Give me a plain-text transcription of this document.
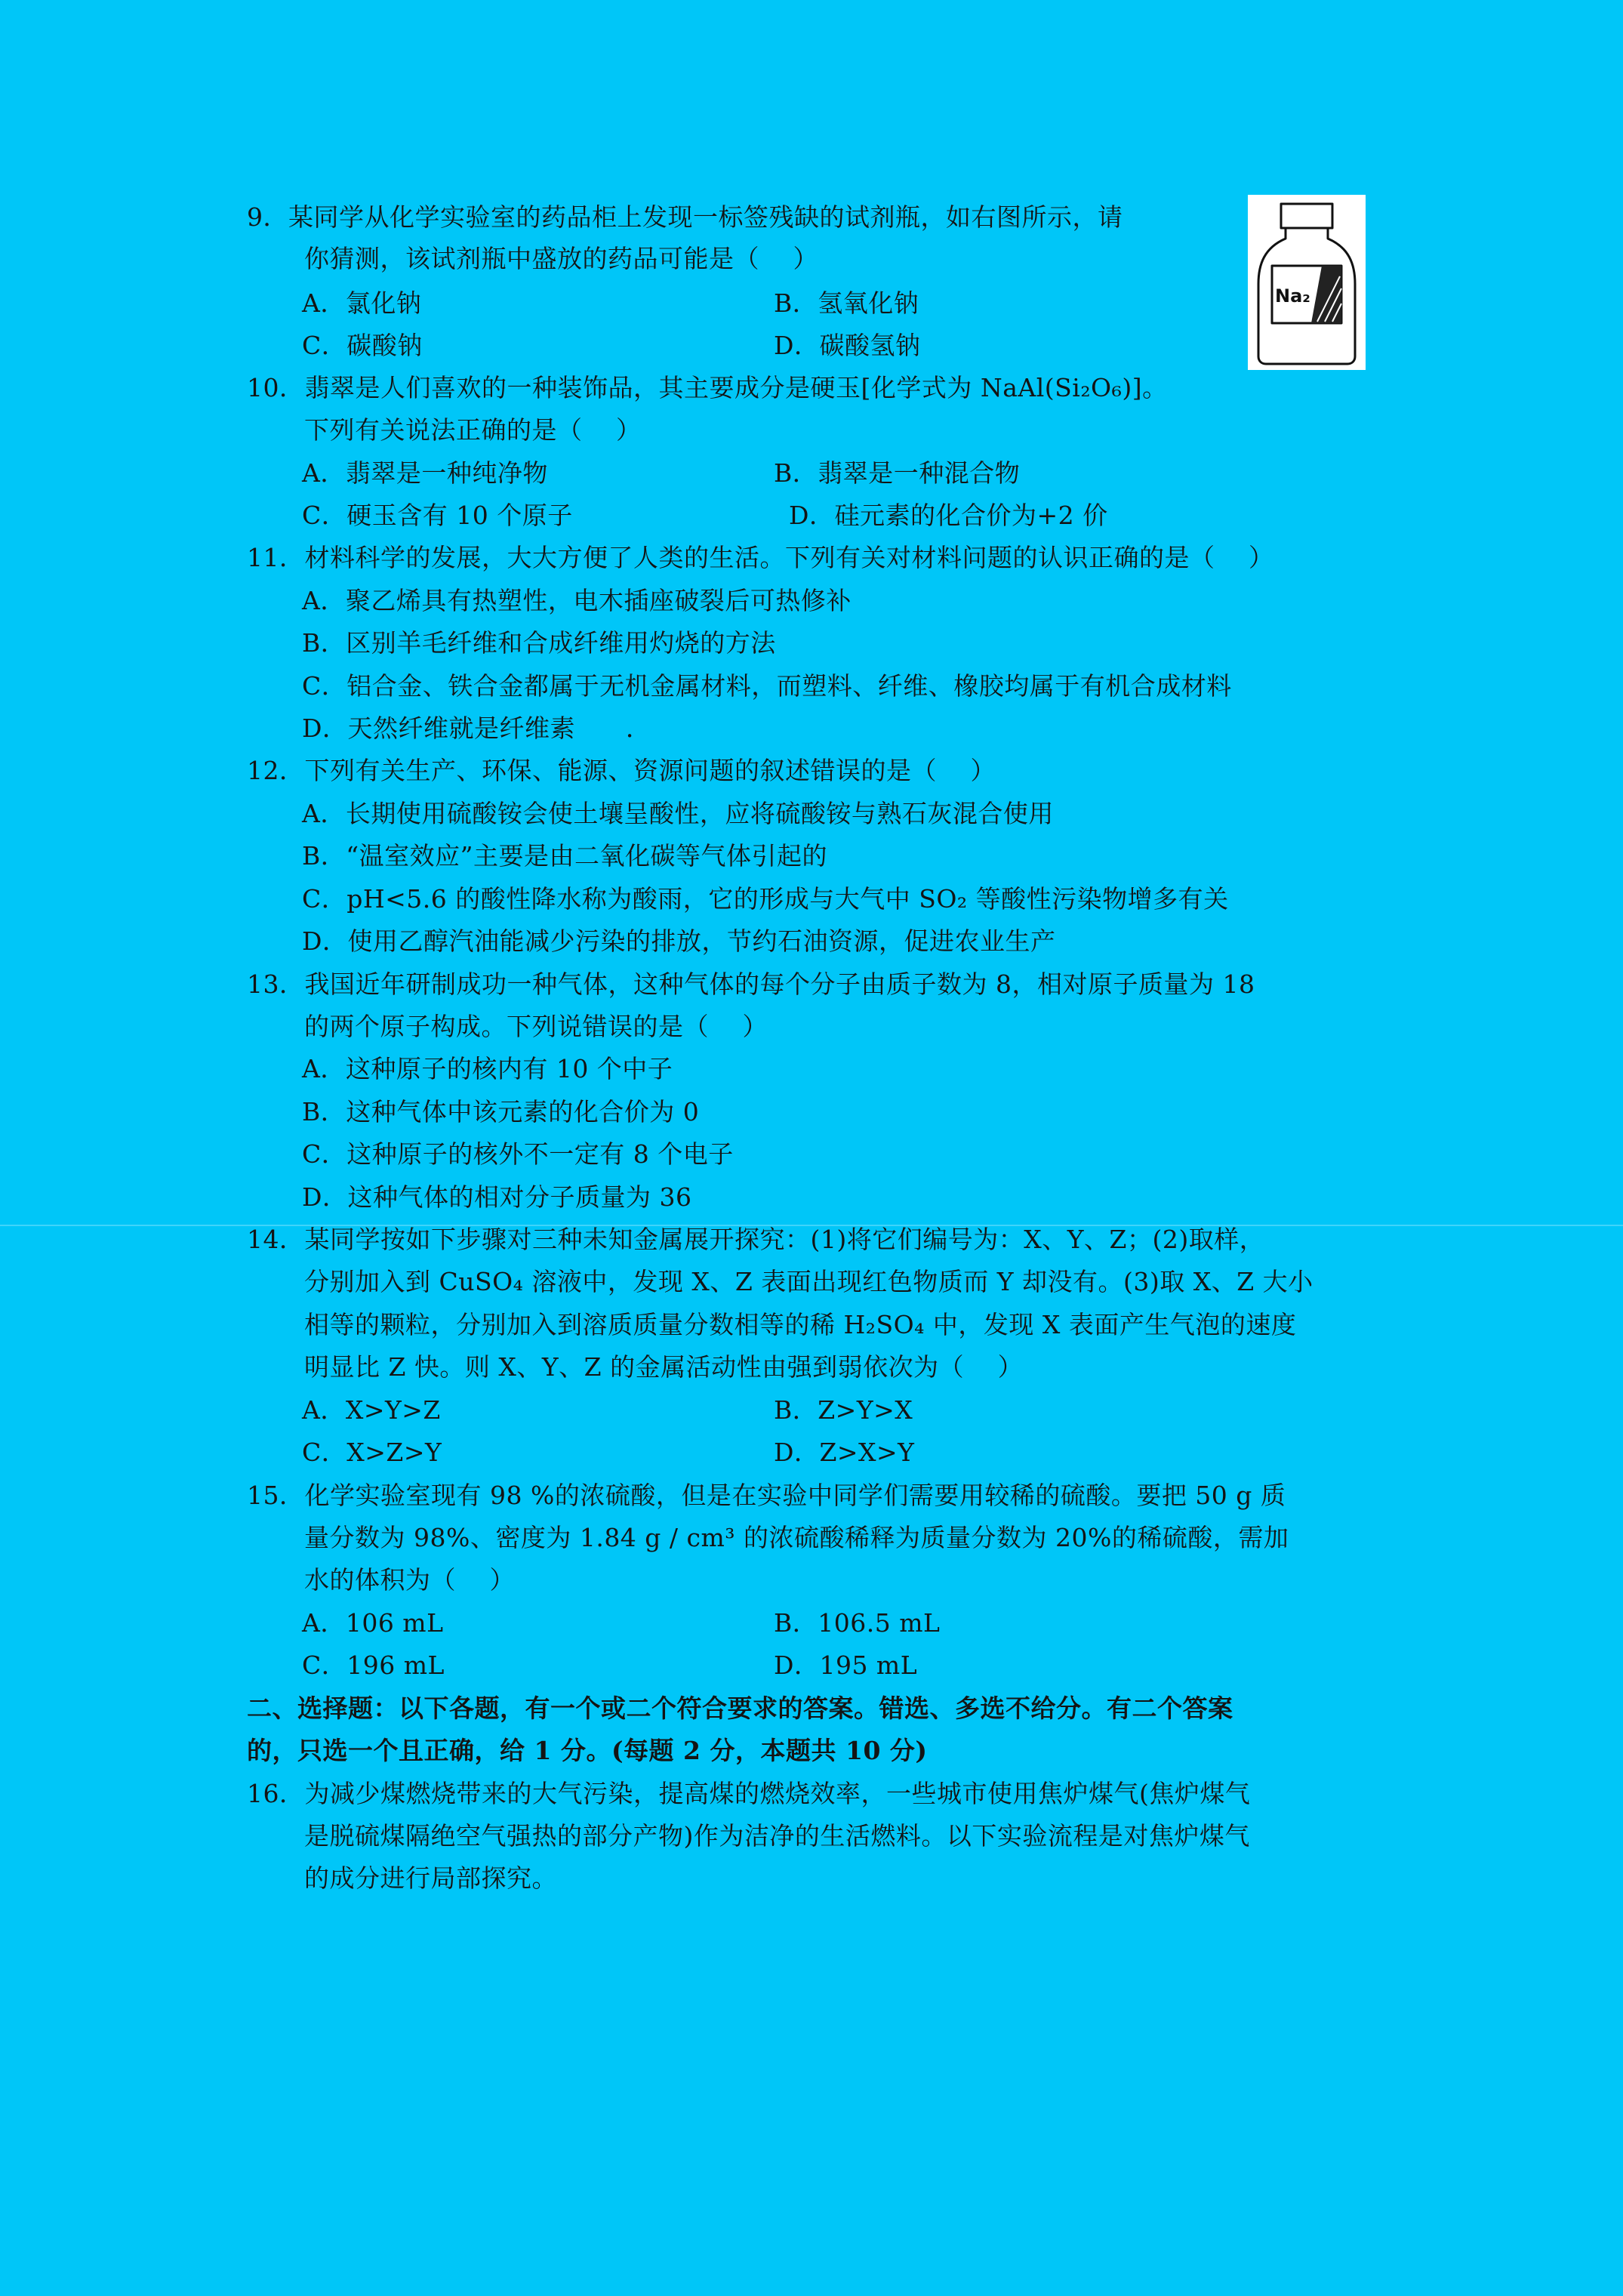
9．某同学从化学实验室的药品柜上发现一标签残缺的试剂瓶，如右图所示，请
你猜测，该试剂瓶中盛放的药品可能是（　 ）
A．氯化钠	B．氢氧化钠
C．碳酸钠	D．碳酸氢钠
Na₂
10．翡翠是人们喜欢的一种装饰品，其主要成分是硬玉[化学式为 NaAl(Si₂O₆)]。
下列有关说法正确的是（　 ）
A．翡翠是一种纯净物	B．翡翠是一种混合物
C．硬玉含有 10 个原子	D．硅元素的化合价为+2 价
11．材料科学的发展，大大方便了人类的生活。下列有关对材料问题的认识正确的是（　 ）
A．聚乙烯具有热塑性，电木插座破裂后可热修补
B．区别羊毛纤维和合成纤维用灼烧的方法
C．铝合金、铁合金都属于无机金属材料，而塑料、纤维、橡胶均属于有机合成材料
D．天然纤维就是纤维素　　．
12．下列有关生产、环保、能源、资源问题的叙述错误的是（　 ）
A．长期使用硫酸铵会使土壤呈酸性，应将硫酸铵与熟石灰混合使用
B．“温室效应”主要是由二氧化碳等气体引起的
C．pH<5.6 的酸性降水称为酸雨，它的形成与大气中 SO₂ 等酸性污染物增多有关
D．使用乙醇汽油能减少污染的排放，节约石油资源，促进农业生产
13．我国近年研制成功一种气体，这种气体的每个分子由质子数为 8，相对原子质量为 18
的两个原子构成。下列说错误的是（　 ）
A．这种原子的核内有 10 个中子
B．这种气体中该元素的化合价为 0
C．这种原子的核外不一定有 8 个电子
D．这种气体的相对分子质量为 36
14．某同学按如下步骤对三种未知金属展开探究：(1)将它们编号为：X、Y、Z；(2)取样，
分别加入到 CuSO₄ 溶液中，发现 X、Z 表面出现红色物质而 Y 却没有。(3)取 X、Z 大小
相等的颗粒，分别加入到溶质质量分数相等的稀 H₂SO₄ 中，发现 X 表面产生气泡的速度
明显比 Z 快。则 X、Y、Z 的金属活动性由强到弱依次为（　 ）
A．X>Y>Z	B．Z>Y>X
C．X>Z>Y	D．Z>X>Y
15．化学实验室现有 98 %的浓硫酸，但是在实验中同学们需要用较稀的硫酸。要把 50 g 质
量分数为 98%、密度为 1.84 g / cm³ 的浓硫酸稀释为质量分数为 20%的稀硫酸，需加
水的体积为（　 ）
A．106 mL	B．106.5 mL
C．196 mL	D．195 mL
二、选择题：以下各题，有一个或二个符合要求的答案。错选、多选不给分。有二个答案
的，只选一个且正确，给 1 分。(每题 2 分，本题共 10 分)
16．为减少煤燃烧带来的大气污染，提高煤的燃烧效率，一些城市使用焦炉煤气(焦炉煤气
是脱硫煤隔绝空气强热的部分产物)作为洁净的生活燃料。以下实验流程是对焦炉煤气
的成分进行局部探究。
